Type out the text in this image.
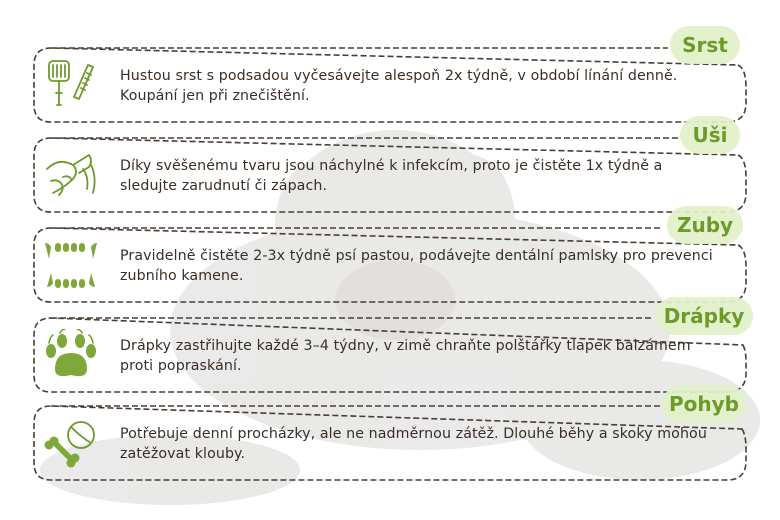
Hustou srst s podsadou vyčesávejte alespoň 2x týdně, v období línání denně. Koupání jen při znečištění.
Srst
Díky svěšenému tvaru jsou náchylné k infekcím, proto je čistěte 1x týdně a sledujte zarudnutí či zápach.
Uši
Pravidelně čistěte 2-3x týdně psí pastou, podávejte dentální pamlsky pro prevenci zubního kamene.
Zuby
Drápky zastřihujte každé 3–4 týdny, v zimě chraňte polštářky tlapek balzámem proti popraskání.
Drápky
Potřebuje denní procházky, ale ne nadměrnou zátěž. Dlouhé běhy a skoky mohou zatěžovat klouby.
Pohyb
